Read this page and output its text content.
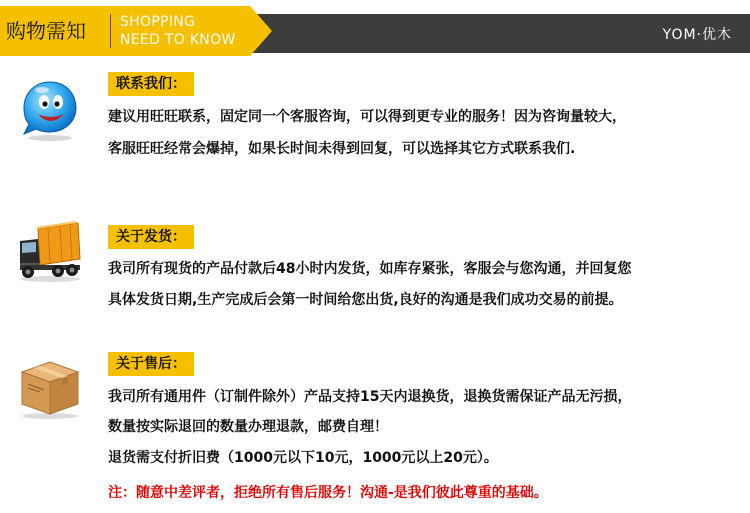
购物需知 SHOPPING
NEED TO KNOW	YOM·优木
联系我们：
建议用旺旺联系，固定同一个客服咨询，可以得到更专业的服务！因为咨询量较大，
客服旺旺经常会爆掉，如果长时间未得到回复，可以选择其它方式联系我们.
关于发货：
我司所有现货的产品付款后48小时内发货，如库存紧张，客服会与您沟通，并回复您
具体发货日期,生产完成后会第一时间给您出货,良好的沟通是我们成功交易的前提。
关于售后：
我司所有通用件（订制件除外）产品支持15天内退换货，退换货需保证产品无污损，
数量按实际退回的数量办理退款，邮费自理！
退货需支付折旧费（1000元以下10元，1000元以上20元）。
注：随意中差评者，拒绝所有售后服务！沟通-是我们彼此尊重的基础。
